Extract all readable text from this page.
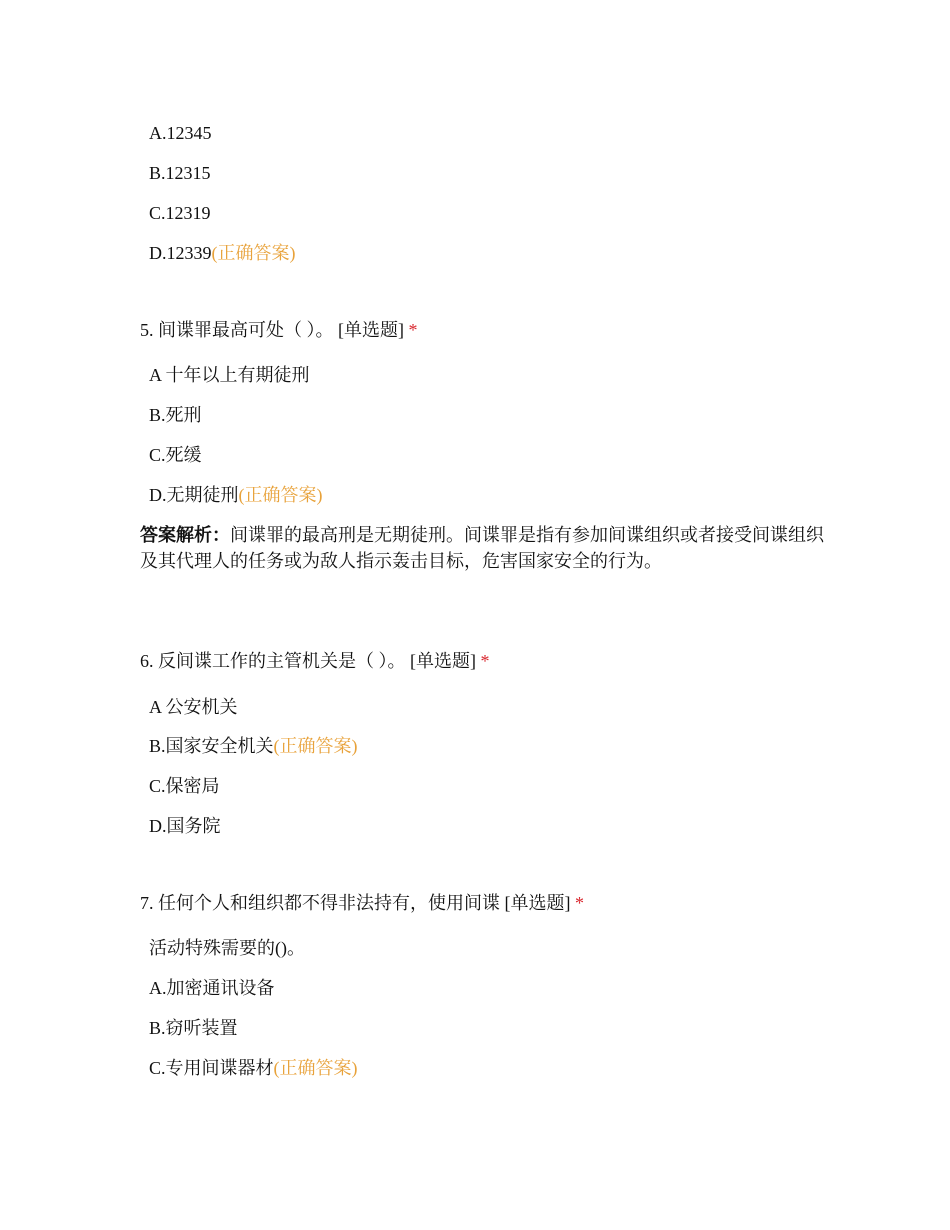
A.12345
B.12315
C.12319
D.12339(正确答案)
5. 间谍罪最高可处（ ）。 [单选题] *
A 十年以上有期徒刑
B.死刑
C.死缓
D.无期徒刑(正确答案)
答案解析：间谍罪的最高刑是无期徒刑。间谍罪是指有参加间谍组织或者接受间谍组织及其代理人的任务或为敌人指示轰击目标，危害国家安全的行为。
6. 反间谍工作的主管机关是（ ）。 [单选题] *
A 公安机关
B.国家安全机关(正确答案)
C.保密局
D.国务院
7. 任何个人和组织都不得非法持有，使用间谍 [单选题] *
活动特殊需要的()。
A.加密通讯设备
B.窃听装置
C.专用间谍器材(正确答案)
